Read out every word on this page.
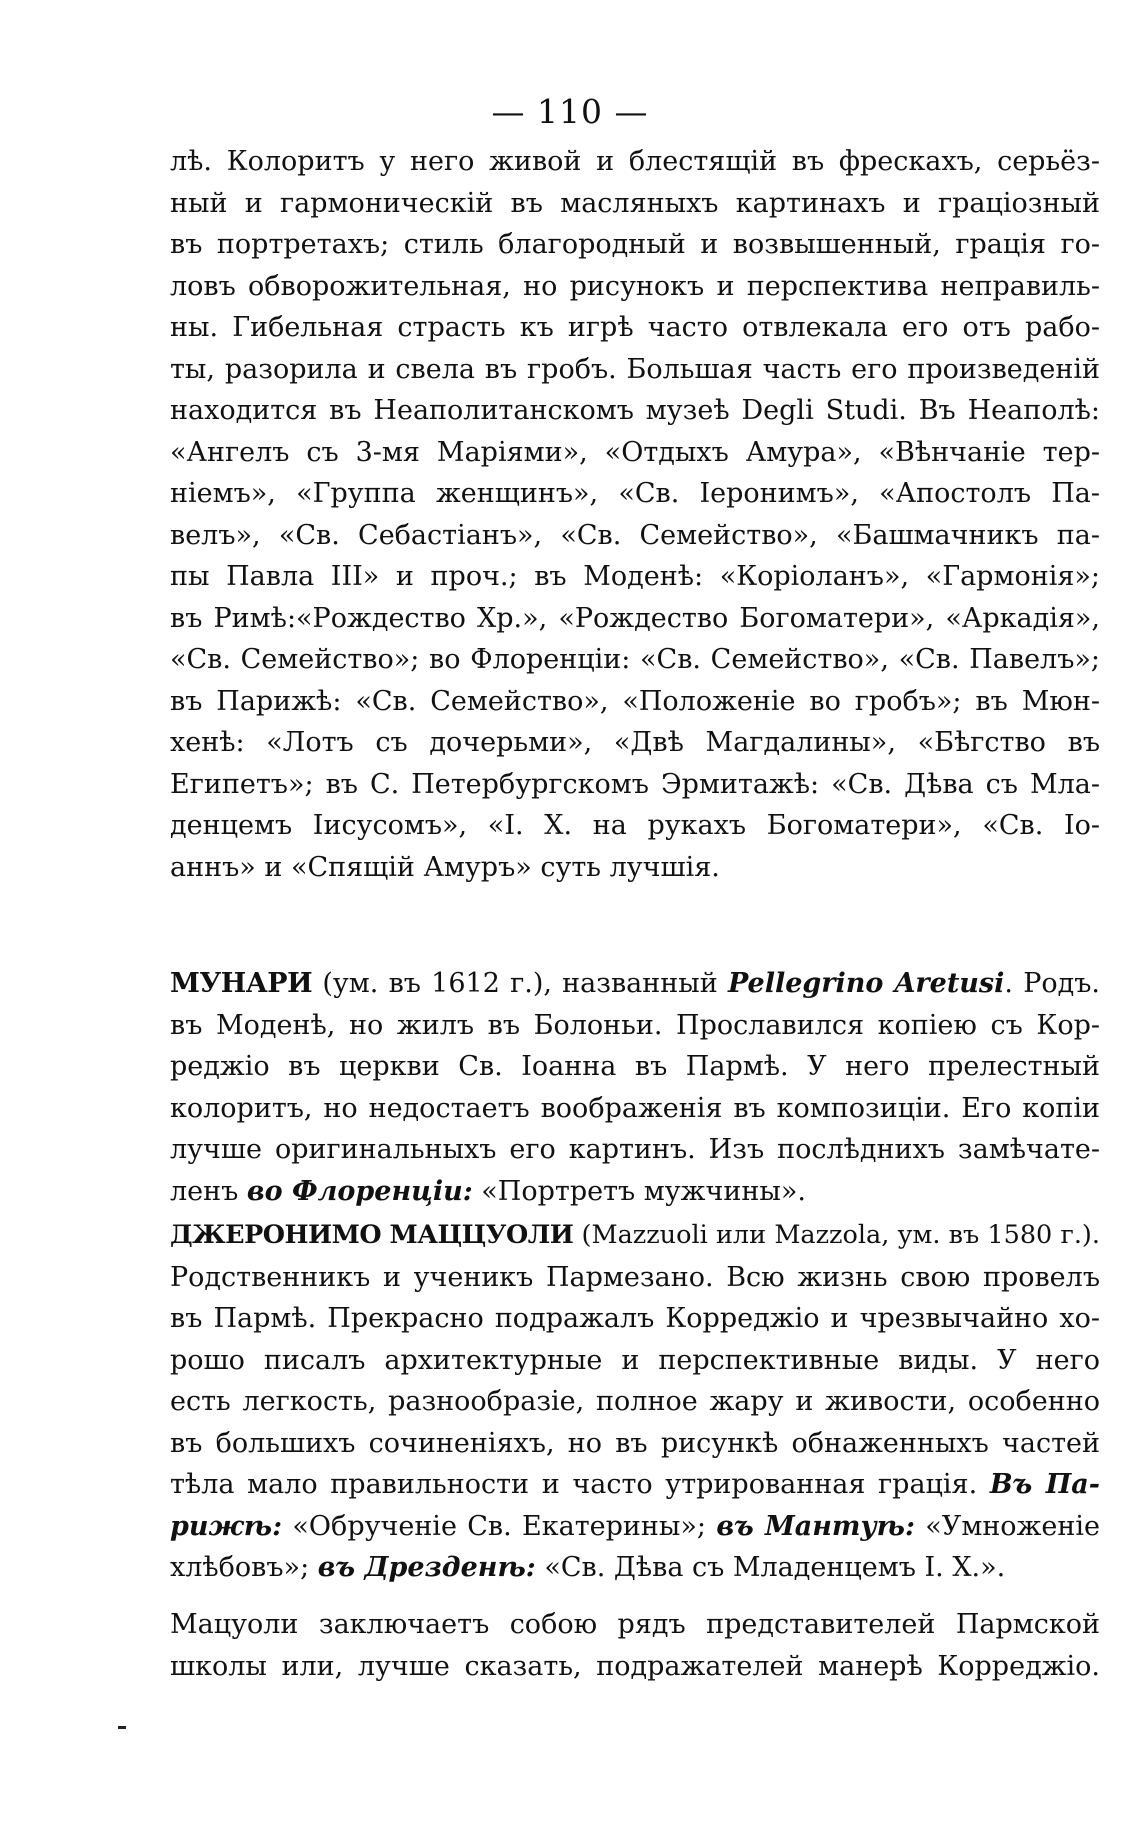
— 110 —
лѣ. Колоритъ у него живой и блестящій въ фрескахъ, серьёз-
ный и гармоническій въ масляныхъ картинахъ и граціозный
въ портретахъ; стиль благородный и возвышенный, грація го-
ловъ обворожительная, но рисунокъ и перспектива неправиль-
ны. Гибельная страсть къ игрѣ часто отвлекала его отъ рабо-
ты, разорила и свела въ гробъ. Большая часть его произведеній
находится въ Неаполитанскомъ музеѣ Degli Studi. Въ Неаполѣ:
«Ангелъ съ 3-мя Маріями», «Отдыхъ Амура», «Вѣнчаніе тер-
ніемъ», «Группа женщинъ», «Св. Іеронимъ», «Апостолъ Па-
велъ», «Св. Себастіанъ», «Св. Семейство», «Башмачникъ па-
пы Павла III» и проч.; въ Моденѣ: «Коріоланъ», «Гармонія»;
въ Римѣ:«Рождество Хр.», «Рождество Богоматери», «Аркадія»,
«Св. Семейство»; во Флоренціи: «Св. Семейство», «Св. Павелъ»;
въ Парижѣ: «Св. Семейство», «Положеніе во гробъ»; въ Мюн-
хенѣ: «Лотъ съ дочерьми», «Двѣ Магдалины», «Бѣгство въ
Египетъ»; въ С. Петербургскомъ Эрмитажѣ: «Св. Дѣва съ Мла-
денцемъ Іисусомъ», «І. Х. на рукахъ Богоматери», «Св. Іо-
аннъ» и «Спящій Амуръ» суть лучшія.
МУНАРИ (ум. въ 1612 г.), названный Pellegrino Aretusi. Родъ.
въ Моденѣ, но жилъ въ Болоньи. Прославился копіею съ Кор-
реджіо въ церкви Св. Іоанна въ Пармѣ. У него прелестный
колоритъ, но недостаетъ воображенія въ композиціи. Его копіи
лучше оригинальныхъ его картинъ. Изъ послѣднихъ замѣчате-
ленъ во Флоренціи: «Портретъ мужчины».
ДЖЕРОНИМО МАЦЦУОЛИ (Mazzuoli или Mazzola, ум. въ 1580 г.).
Родственникъ и ученикъ Пармезано. Всю жизнь свою провелъ
въ Пармѣ. Прекрасно подражалъ Корреджіо и чрезвычайно хо-
рошо писалъ архитектурные и перспективные виды. У него
есть легкость, разнообразіе, полное жару и живости, особенно
въ большихъ сочиненіяхъ, но въ рисункѣ обнаженныхъ частей
тѣла мало правильности и часто утрированная грація. Въ Па-
рижѣ: «Обрученіе Св. Екатерины»; въ Мантуѣ: «Умноженіе
хлѣбовъ»; въ Дрезденѣ: «Св. Дѣва съ Младенцемъ І. Х.».
Мацуоли заключаетъ собою рядъ представителей Пармской
школы или, лучше сказать, подражателей манерѣ Корреджіо.
